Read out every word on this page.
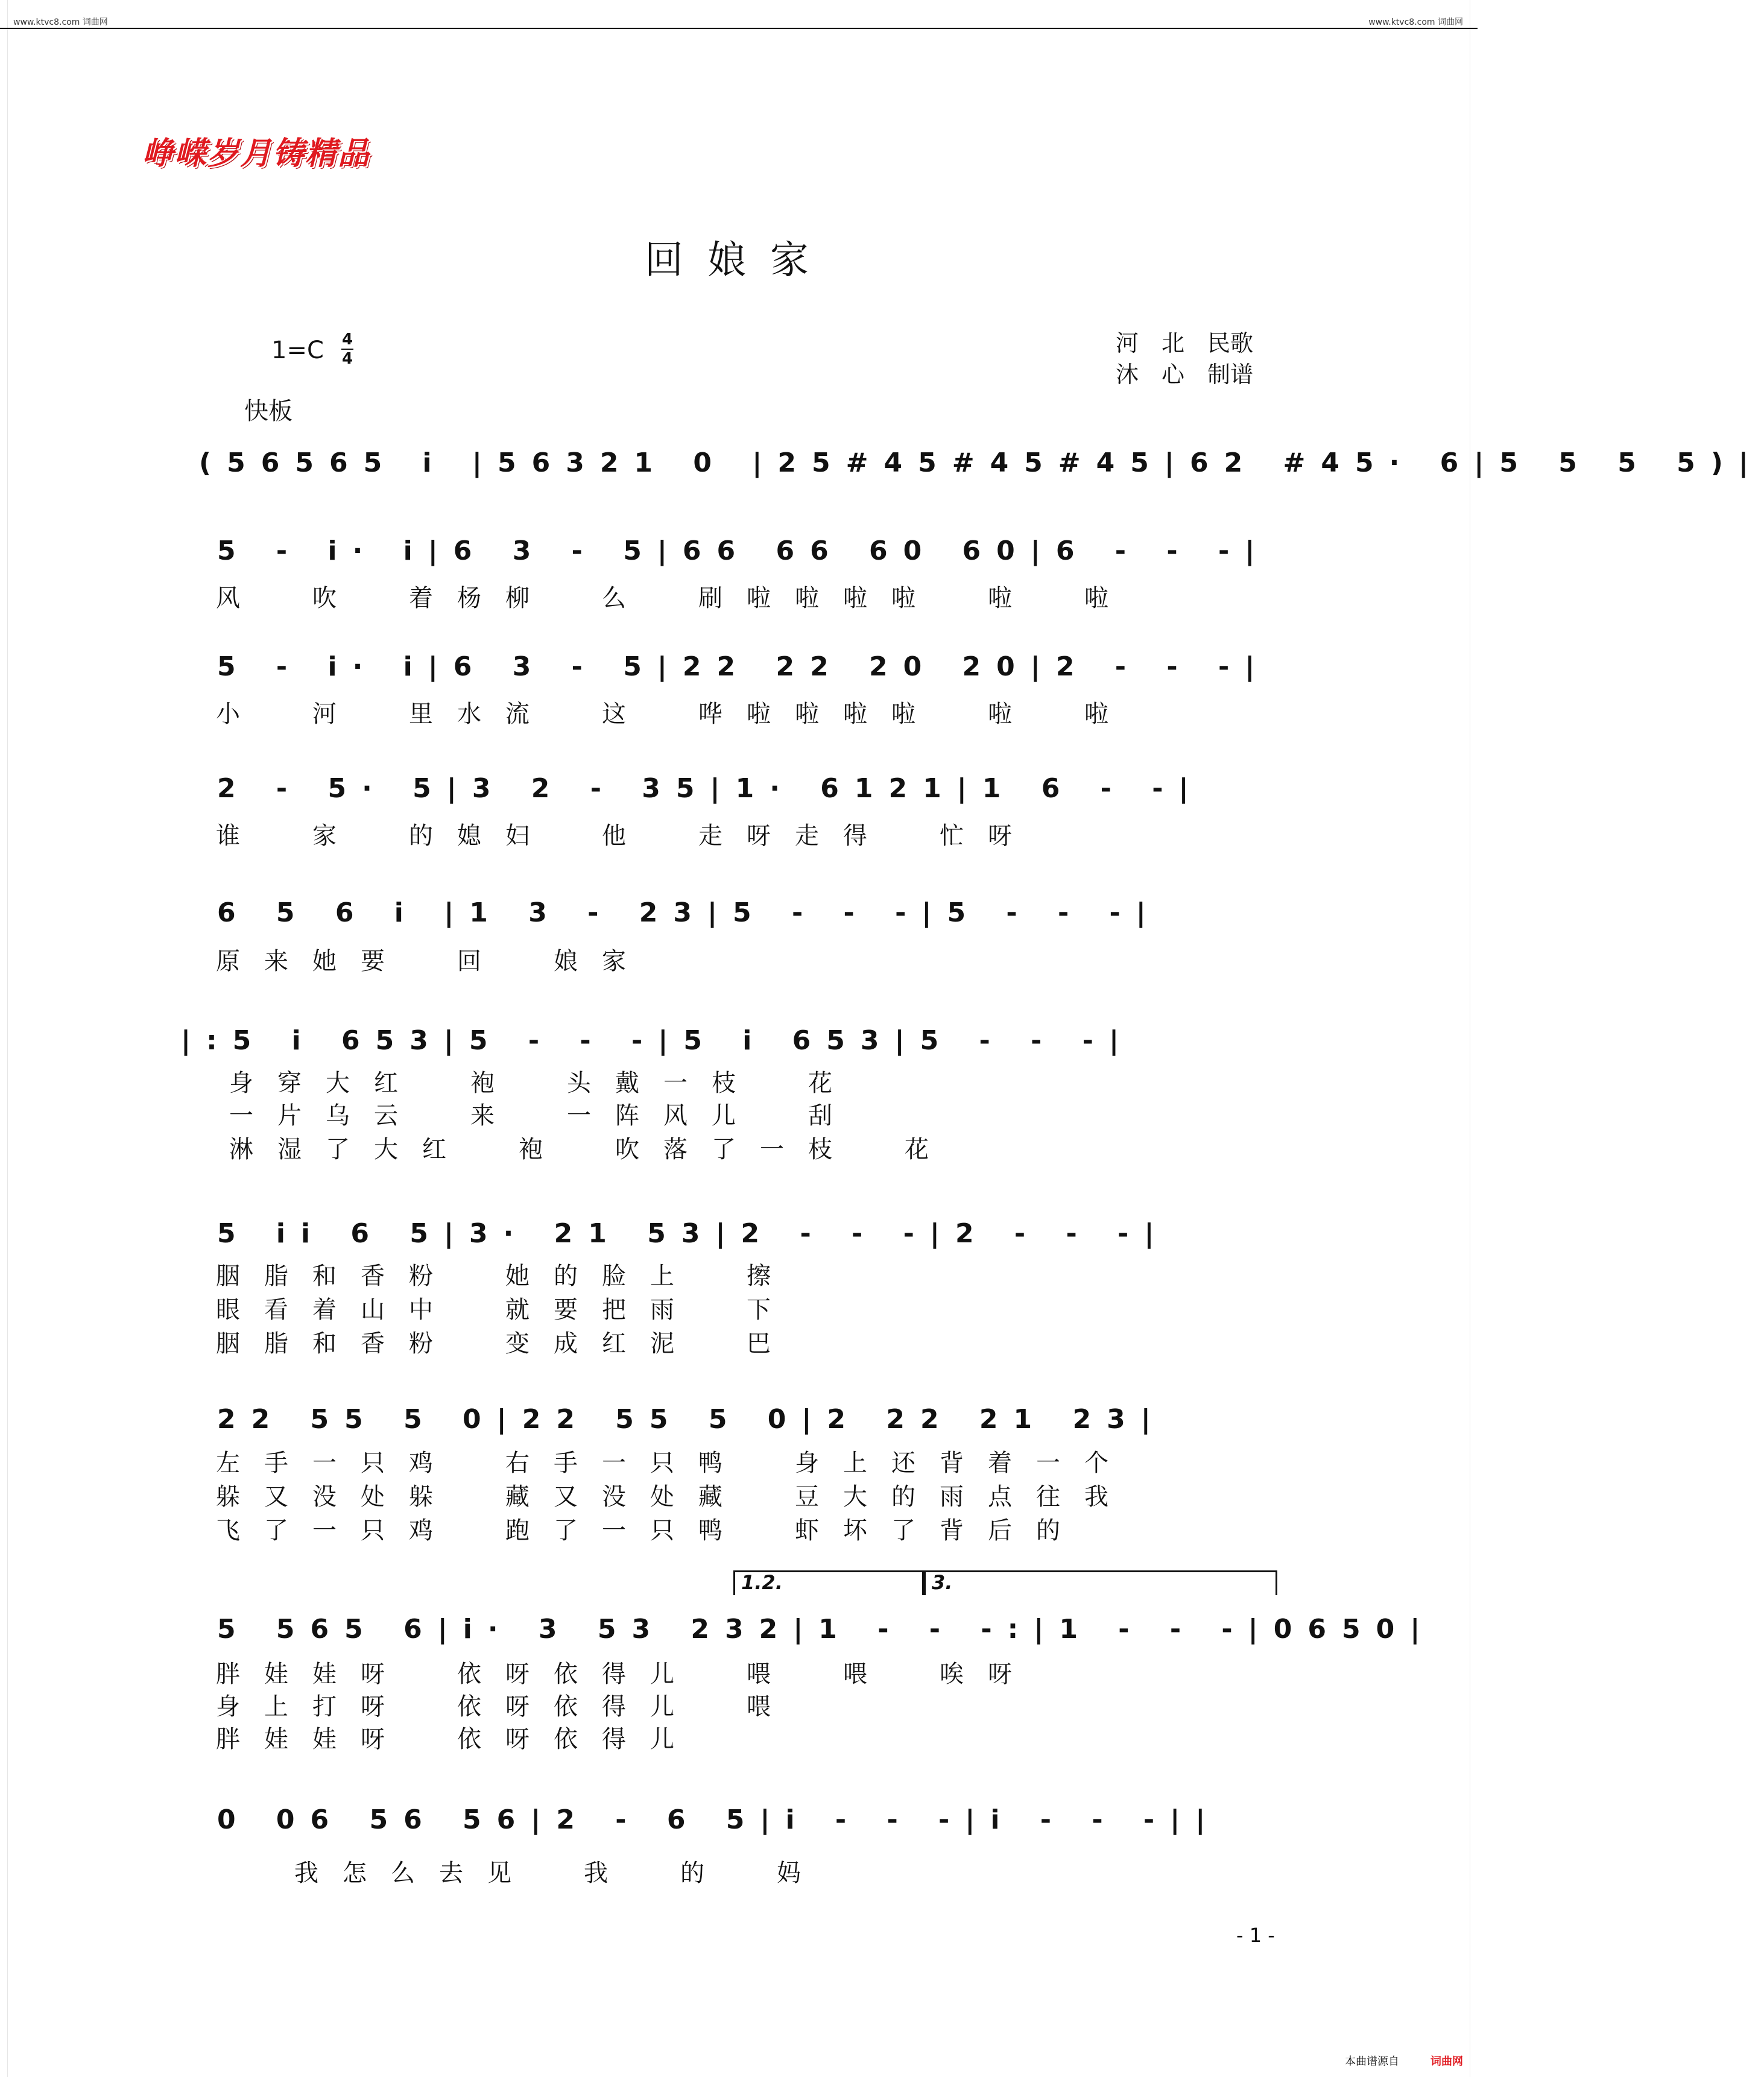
www.ktvc8.com 词曲网	www.ktvc8.com 词曲网
峥嵘岁月铸精品
回娘家
1=C 4
4
快板
河　北　民歌
沐　心　制谱
(56565 i |56321 0 |25#45#45#45|62 #45· 6|5 5 5 5)|
5 - i· i|6 3 - 5|66 66 60 60|6 - - -|
风　吹　着杨柳　么　刷啦啦啦啦　啦　啦
5 - i· i|6 3 - 5|22 22 20 20|2 - - -|
小　河　里水流　这　哗啦啦啦啦　啦　啦
2 - 5· 5|3 2 - 35|1· 6121|1 6 - -|
谁　家　的媳妇　他　走呀走得　忙呀
6 5 6 i |1 3 - 23|5 - - -|5 - - -|
原来她要　回　娘家
|:5 i 653|5 - - -|5 i 653|5 - - -|
身穿大红　袍　头戴一枝　花
一片乌云　来　一阵风儿　刮
淋湿了大红　袍　吹落了一枝　花
5 ii 6 5|3· 21 53|2 - - -|2 - - -|
胭脂和香粉　她的脸上　擦
眼看着山中　就要把雨　下
胭脂和香粉　变成红泥　巴
22 55 5 0|22 55 5 0|2 22 21 23|
左手一只鸡　右手一只鸭　身上还背着一个
躲又没处躲　藏又没处藏　豆大的雨点往我
飞了一只鸡　跑了一只鸭　虾坏了背后的
1.2.	3.
5 565 6|i· 3 53 232|1 - - -:|1 - - -|0650|
胖娃娃呀　依呀依得儿　喂　喂　唉呀
身上打呀　依呀依得儿　喂
胖娃娃呀　依呀依得儿
0 06 56 56|2 - 6 5|i - - -|i - - -||
我怎么去见　我　的　妈
- 1 -
本曲谱源自	词曲网
